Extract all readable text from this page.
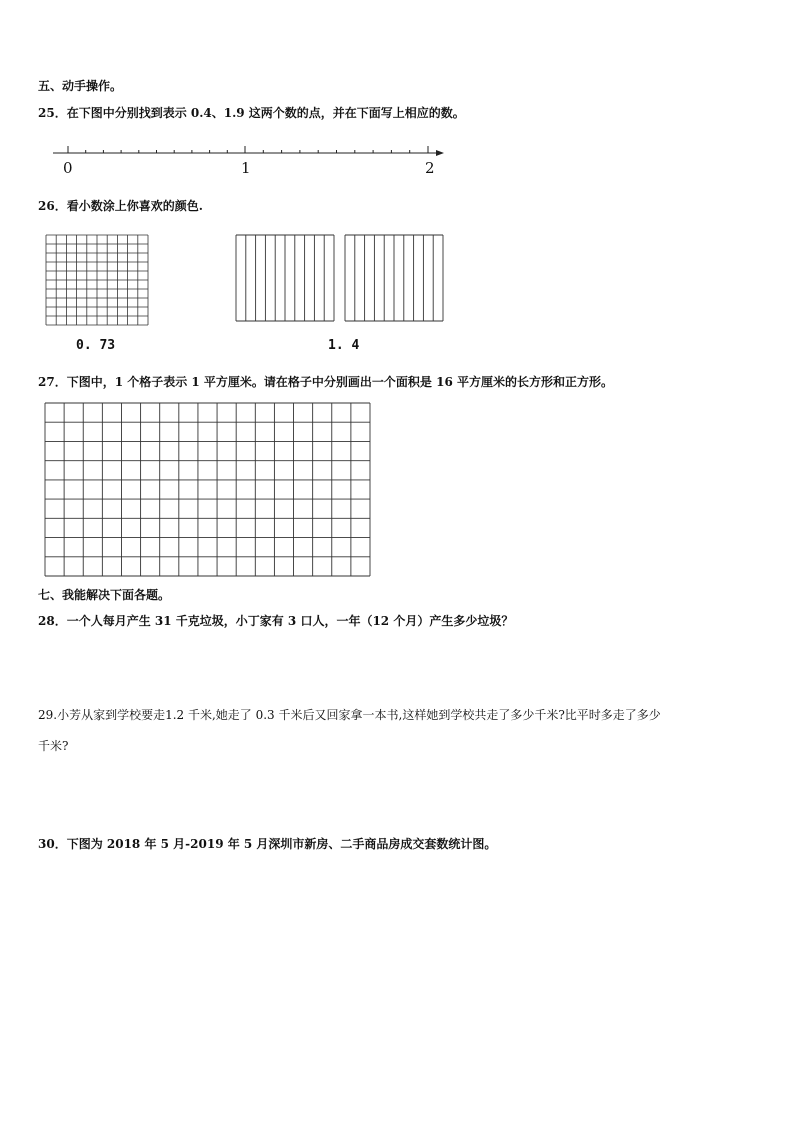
五、动手操作。
25．在下图中分别找到表示 0.4、1.9 这两个数的点，并在下面写上相应的数。
0	1	2
26．看小数涂上你喜欢的颜色.
0. 73	1. 4
27．下图中，1 个格子表示 1 平方厘米。请在格子中分别画出一个面积是 16 平方厘米的长方形和正方形。
七、我能解决下面各题。
28．一个人每月产生 31 千克垃圾，小丁家有 3 口人，一年（12 个月）产生多少垃圾？
29.小芳从家到学校要走1.2 千米,她走了 0.3 千米后又回家拿一本书,这样她到学校共走了多少千米?比平时多走了多少
千米?
30．下图为 2018 年 5 月-2019 年 5 月深圳市新房、二手商品房成交套数统计图。
